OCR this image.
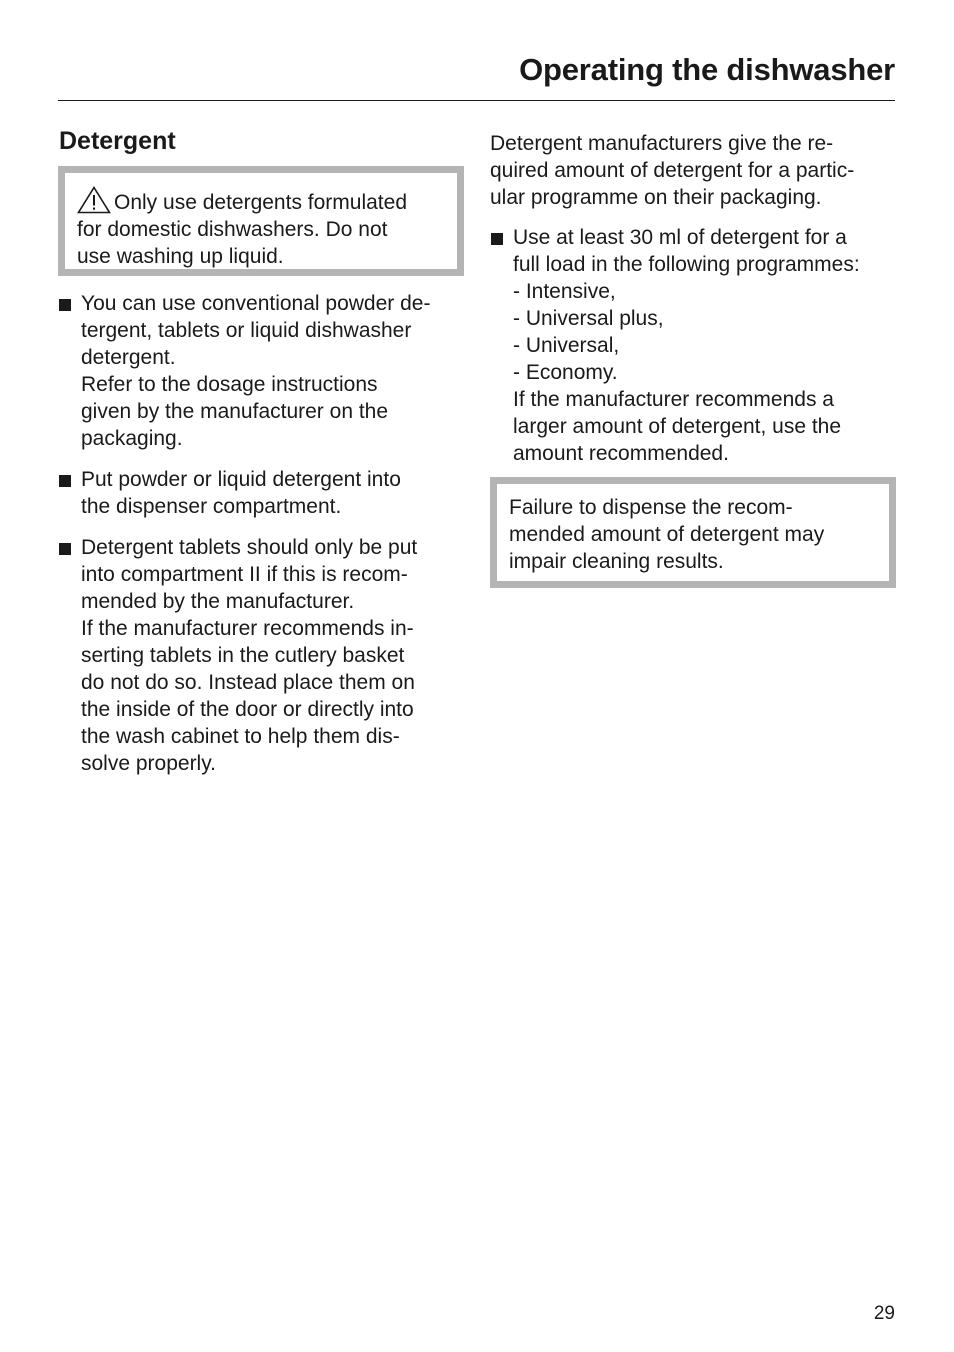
Operating the dishwasher
Detergent
Only use detergents formulated
for domestic dishwashers. Do not
use washing up liquid.
You can use conventional powder de-
tergent, tablets or liquid dishwasher
detergent.
Refer to the dosage instructions
given by the manufacturer on the
packaging.
Put powder or liquid detergent into
the dispenser compartment.
Detergent tablets should only be put
into compartment II if this is recom-
mended by the manufacturer.
If the manufacturer recommends in-
serting tablets in the cutlery basket
do not do so. Instead place them on
the inside of the door or directly into
the wash cabinet to help them dis-
solve properly.
Detergent manufacturers give the re-
quired amount of detergent for a partic-
ular programme on their packaging.
Use at least 30 ml of detergent for a
full load in the following programmes:
- Intensive,
- Universal plus,
- Universal,
- Economy.
If the manufacturer recommends a
larger amount of detergent, use the
amount recommended.
Failure to dispense the recom-
mended amount of detergent may
impair cleaning results.
29
